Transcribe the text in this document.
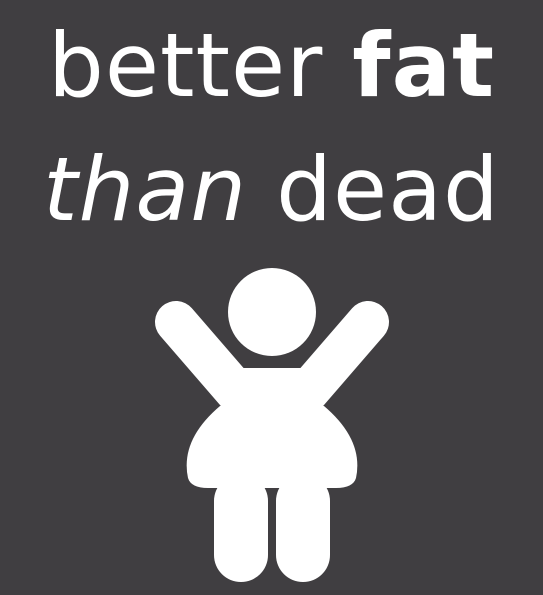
better fat

than dead
